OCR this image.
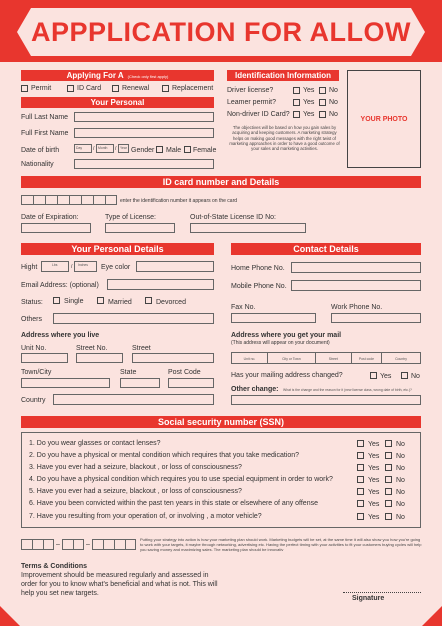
APPPLICATION FOR ALLOW
Applying For A (Check only first apply)
Permit	ID Card	Renewal	Replacement
Your Personal
Full Last Name
Full First Name
Date of birth	Day / Month / Year Gender Male Female
Nationality
Identification Information
Driver license?	Yes No
Leamer permit?	Yes No
Non-driver ID Card? Yes No
The objectives will be based on how you gain sales by acquiring and keeping customers. A marketing strategy helps on making good messages with the right twist of marketing approaches in order to have a good outcome of your sales and marketing activities.
YOUR PHOTO
ID card number and Details
enter the identification number it appears on the card
Date of Expiration:	Type of License:	Out-of-State License ID No:
Your Personal Details
Hight	Lbs	/ Inches Eye color
Email Address: (optional)
Status:	Single	Married	Devorced
Others
Address where you live
Unit No.	Street No.	Street
Town/City	State	Post Code
Country
Contact Details
Home Phone No.
Mobile Phone No.
Fax No.	Work Phone No.
Address where you get your mail
(This address will appear on your document)
Unit no.	City or Town	Street	Post code	Country
Has your mailing address changed?	Yes	No
Other change: What is the change and the reason for it (new license class, wrong date of birth, etc.)?
Social security number (SSN)
1. Do you wear glasses or contact lenses?	Yes No
2. Do you have a physical or mental condition which requires that you take medication?	Yes No
3. Have you ever had a seizure, blackout , or loss of consciousness?	Yes No
4. Do you have a physical condition which requires you to use special equipment in order to work?	Yes No
5. Have you ever had a seizure, blackout , or loss of consciousness?	Yes No
6. Have you been convicted within the past ten years in this state or elsewhere of any offense	Yes No
7. Have you resulting from your operation of, or involving , a motor vehicle?	Yes No
–	–
Putting your strategy into action is how your marketing plan should work. Marketing budgets will be set, at the same time it will also show you how you're going to work with your targets, it maybe through networking, advertising etc. Having the perfect timing with your activities to fit your customers buying cycles will help you saving money and maximizing sales. The marketing plan should be innovativ
Terms & Conditions
Improvement should be measured regularly and assessed in order for you to know what's beneficial and what is not. This will help you set new targets.
Signature
